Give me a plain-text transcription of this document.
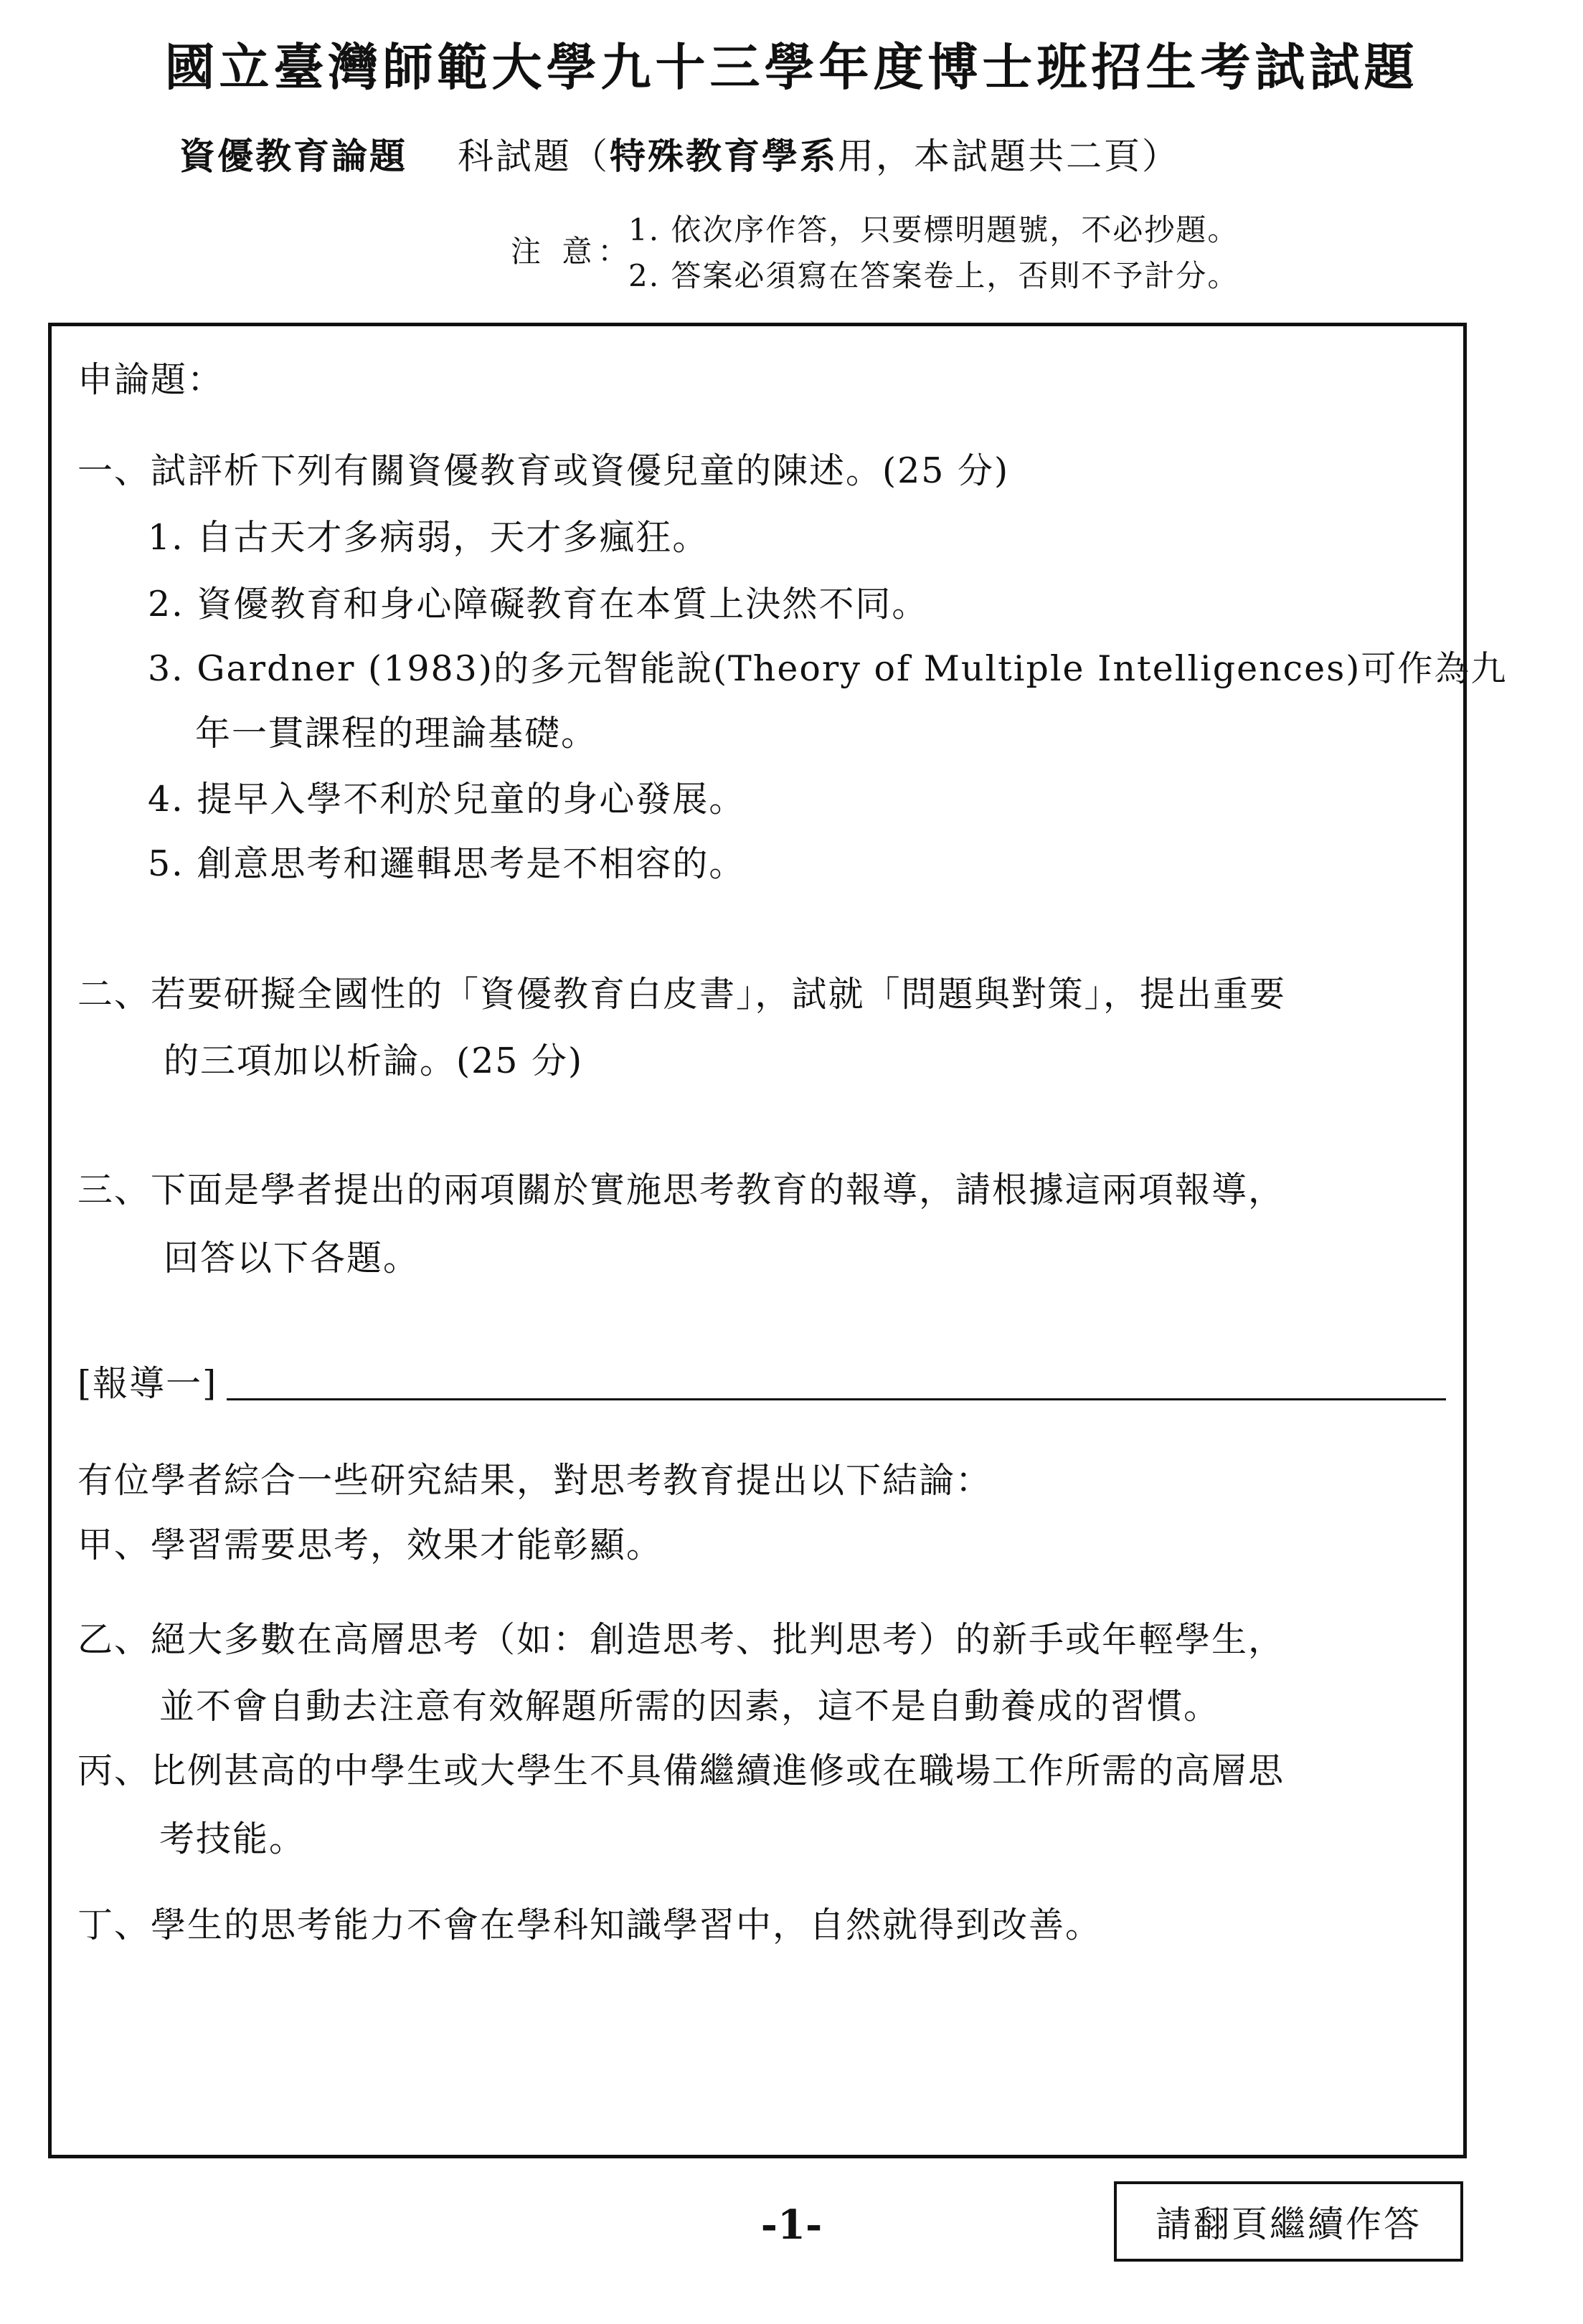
國立臺灣師範大學九十三學年度博士班招生考試試題
資優教育論題 科試題（特殊教育學系用，本試題共二頁）
注 意：
1. 依次序作答，只要標明題號，不必抄題。
2. 答案必須寫在答案卷上，否則不予計分。
申論題：
一、試評析下列有關資優教育或資優兒童的陳述。(25 分)
1. 自古天才多病弱，天才多瘋狂。
2. 資優教育和身心障礙教育在本質上決然不同。
3. Gardner (1983)的多元智能說(Theory of Multiple Intelligences)可作為九
年一貫課程的理論基礎。
4. 提早入學不利於兒童的身心發展。
5. 創意思考和邏輯思考是不相容的。
二、若要研擬全國性的「資優教育白皮書」，試就「問題與對策」，提出重要
的三項加以析論。(25 分)
三、下面是學者提出的兩項關於實施思考教育的報導，請根據這兩項報導，
回答以下各題。
[報導一]
有位學者綜合一些研究結果，對思考教育提出以下結論：
甲、學習需要思考，效果才能彰顯。
乙、絕大多數在高層思考（如：創造思考、批判思考）的新手或年輕學生，
並不會自動去注意有效解題所需的因素，這不是自動養成的習慣。
丙、比例甚高的中學生或大學生不具備繼續進修或在職場工作所需的高層思
考技能。
丁、學生的思考能力不會在學科知識學習中，自然就得到改善。
-1-	請翻頁繼續作答
